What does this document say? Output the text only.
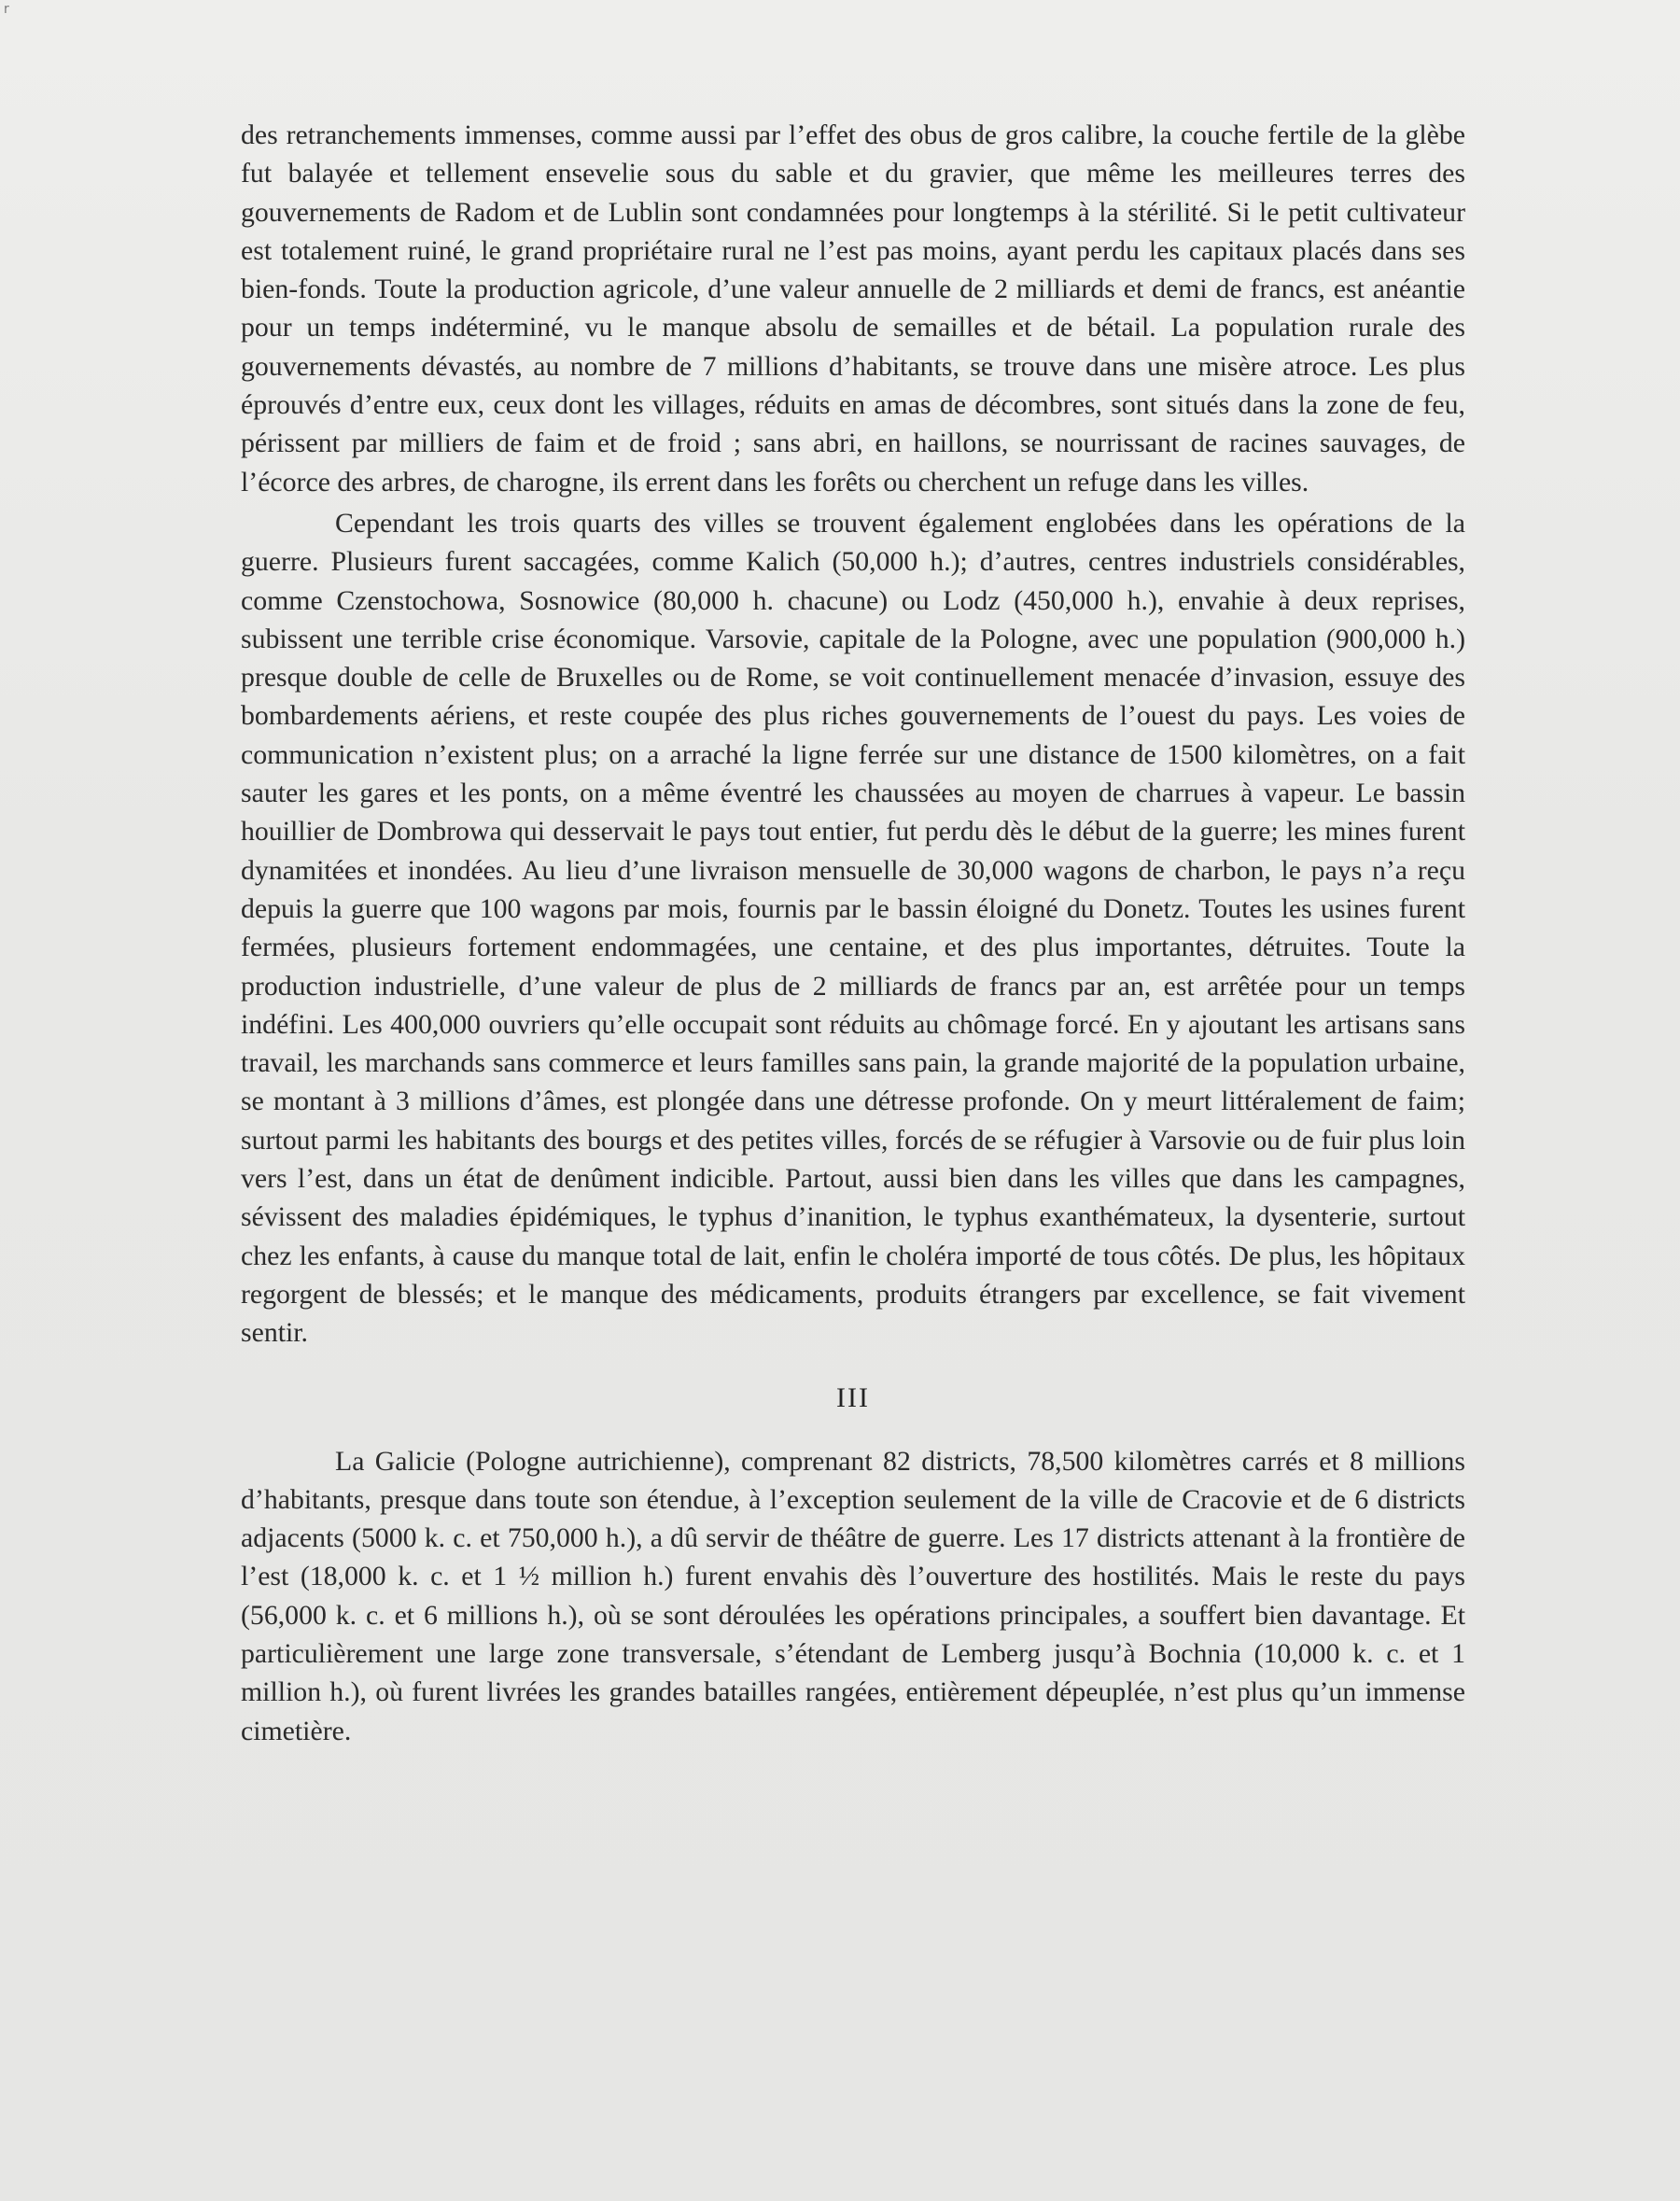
r

des retranchements immenses, comme aussi par l’effet des obus de gros calibre, la couche fertile de la glèbe fut balayée et tellement ensevelie sous du sable et du gravier, que même les meilleures terres des gouvernements de Radom et de Lublin sont condamnées pour longtemps à la stérilité. Si le petit cultivateur est totalement ruiné, le grand propriétaire rural ne l’est pas moins, ayant perdu les capitaux placés dans ses bien-fonds. Toute la production agricole, d’une valeur annuelle de 2 milliards et demi de francs, est anéantie pour un temps indéterminé, vu le manque absolu de semailles et de bétail. La population rurale des gouvernements dévastés, au nombre de 7 millions d’habitants, se trouve dans une misère atroce. Les plus éprouvés d’entre eux, ceux dont les villages, réduits en amas de décombres, sont situés dans la zone de feu, périssent par milliers de faim et de froid ; sans abri, en haillons, se nourrissant de racines sauvages, de l’écorce des arbres, de charogne, ils errent dans les forêts ou cherchent un refuge dans les villes.

Cependant les trois quarts des villes se trouvent également englobées dans les opérations de la guerre. Plusieurs furent saccagées, comme Kalich (50,000 h.); d’autres, centres industriels considérables, comme Czenstochowa, Sosnowice (80,000 h. chacune) ou Lodz (450,000 h.), envahie à deux reprises, subissent une terrible crise économique. Varsovie, capitale de la Pologne, avec une population (900,000 h.) presque double de celle de Bruxelles ou de Rome, se voit continuellement menacée d’invasion, essuye des bombardements aériens, et reste coupée des plus riches gouvernements de l’ouest du pays. Les voies de communication n’existent plus; on a arraché la ligne ferrée sur une distance de 1500 kilomètres, on a fait sauter les gares et les ponts, on a même éventré les chaussées au moyen de charrues à vapeur. Le bassin houillier de Dombrowa qui desservait le pays tout entier, fut perdu dès le début de la guerre; les mines furent dynamitées et inondées. Au lieu d’une livraison mensuelle de 30,000 wagons de charbon, le pays n’a reçu depuis la guerre que 100 wagons par mois, fournis par le bassin éloigné du Donetz. Toutes les usines furent fermées, plusieurs fortement endommagées, une centaine, et des plus importantes, détruites. Toute la production industrielle, d’une valeur de plus de 2 milliards de francs par an, est arrêtée pour un temps indéfini. Les 400,000 ouvriers qu’elle occupait sont réduits au chômage forcé. En y ajoutant les artisans sans travail, les marchands sans commerce et leurs familles sans pain, la grande majorité de la population urbaine, se montant à 3 millions d’âmes, est plongée dans une détresse profonde. On y meurt littéralement de faim; surtout parmi les habitants des bourgs et des petites villes, forcés de se réfugier à Varsovie ou de fuir plus loin vers l’est, dans un état de denûment indicible. Partout, aussi bien dans les villes que dans les campagnes, sévissent des maladies épidémiques, le typhus d’inanition, le typhus exanthémateux, la dysenterie, surtout chez les enfants, à cause du manque total de lait, enfin le choléra importé de tous côtés. De plus, les hôpitaux regorgent de blessés; et le manque des médicaments, produits étrangers par excellence, se fait vivement sentir.

III

La Galicie (Pologne autrichienne), comprenant 82 districts, 78,500 kilomètres carrés et 8 millions d’habitants, presque dans toute son étendue, à l’exception seulement de la ville de Cracovie et de 6 districts adjacents (5000 k. c. et 750,000 h.), a dû servir de théâtre de guerre. Les 17 districts attenant à la frontière de l’est (18,000 k. c. et 1 ½ million h.) furent envahis dès l’ouverture des hostilités. Mais le reste du pays (56,000 k. c. et 6 millions h.), où se sont déroulées les opérations principales, a souffert bien davantage. Et particulièrement une large zone transversale, s’étendant de Lemberg jusqu’à Bochnia (10,000 k. c. et 1 million h.), où furent livrées les grandes batailles rangées, entièrement dépeuplée, n’est plus qu’un immense cimetière.
